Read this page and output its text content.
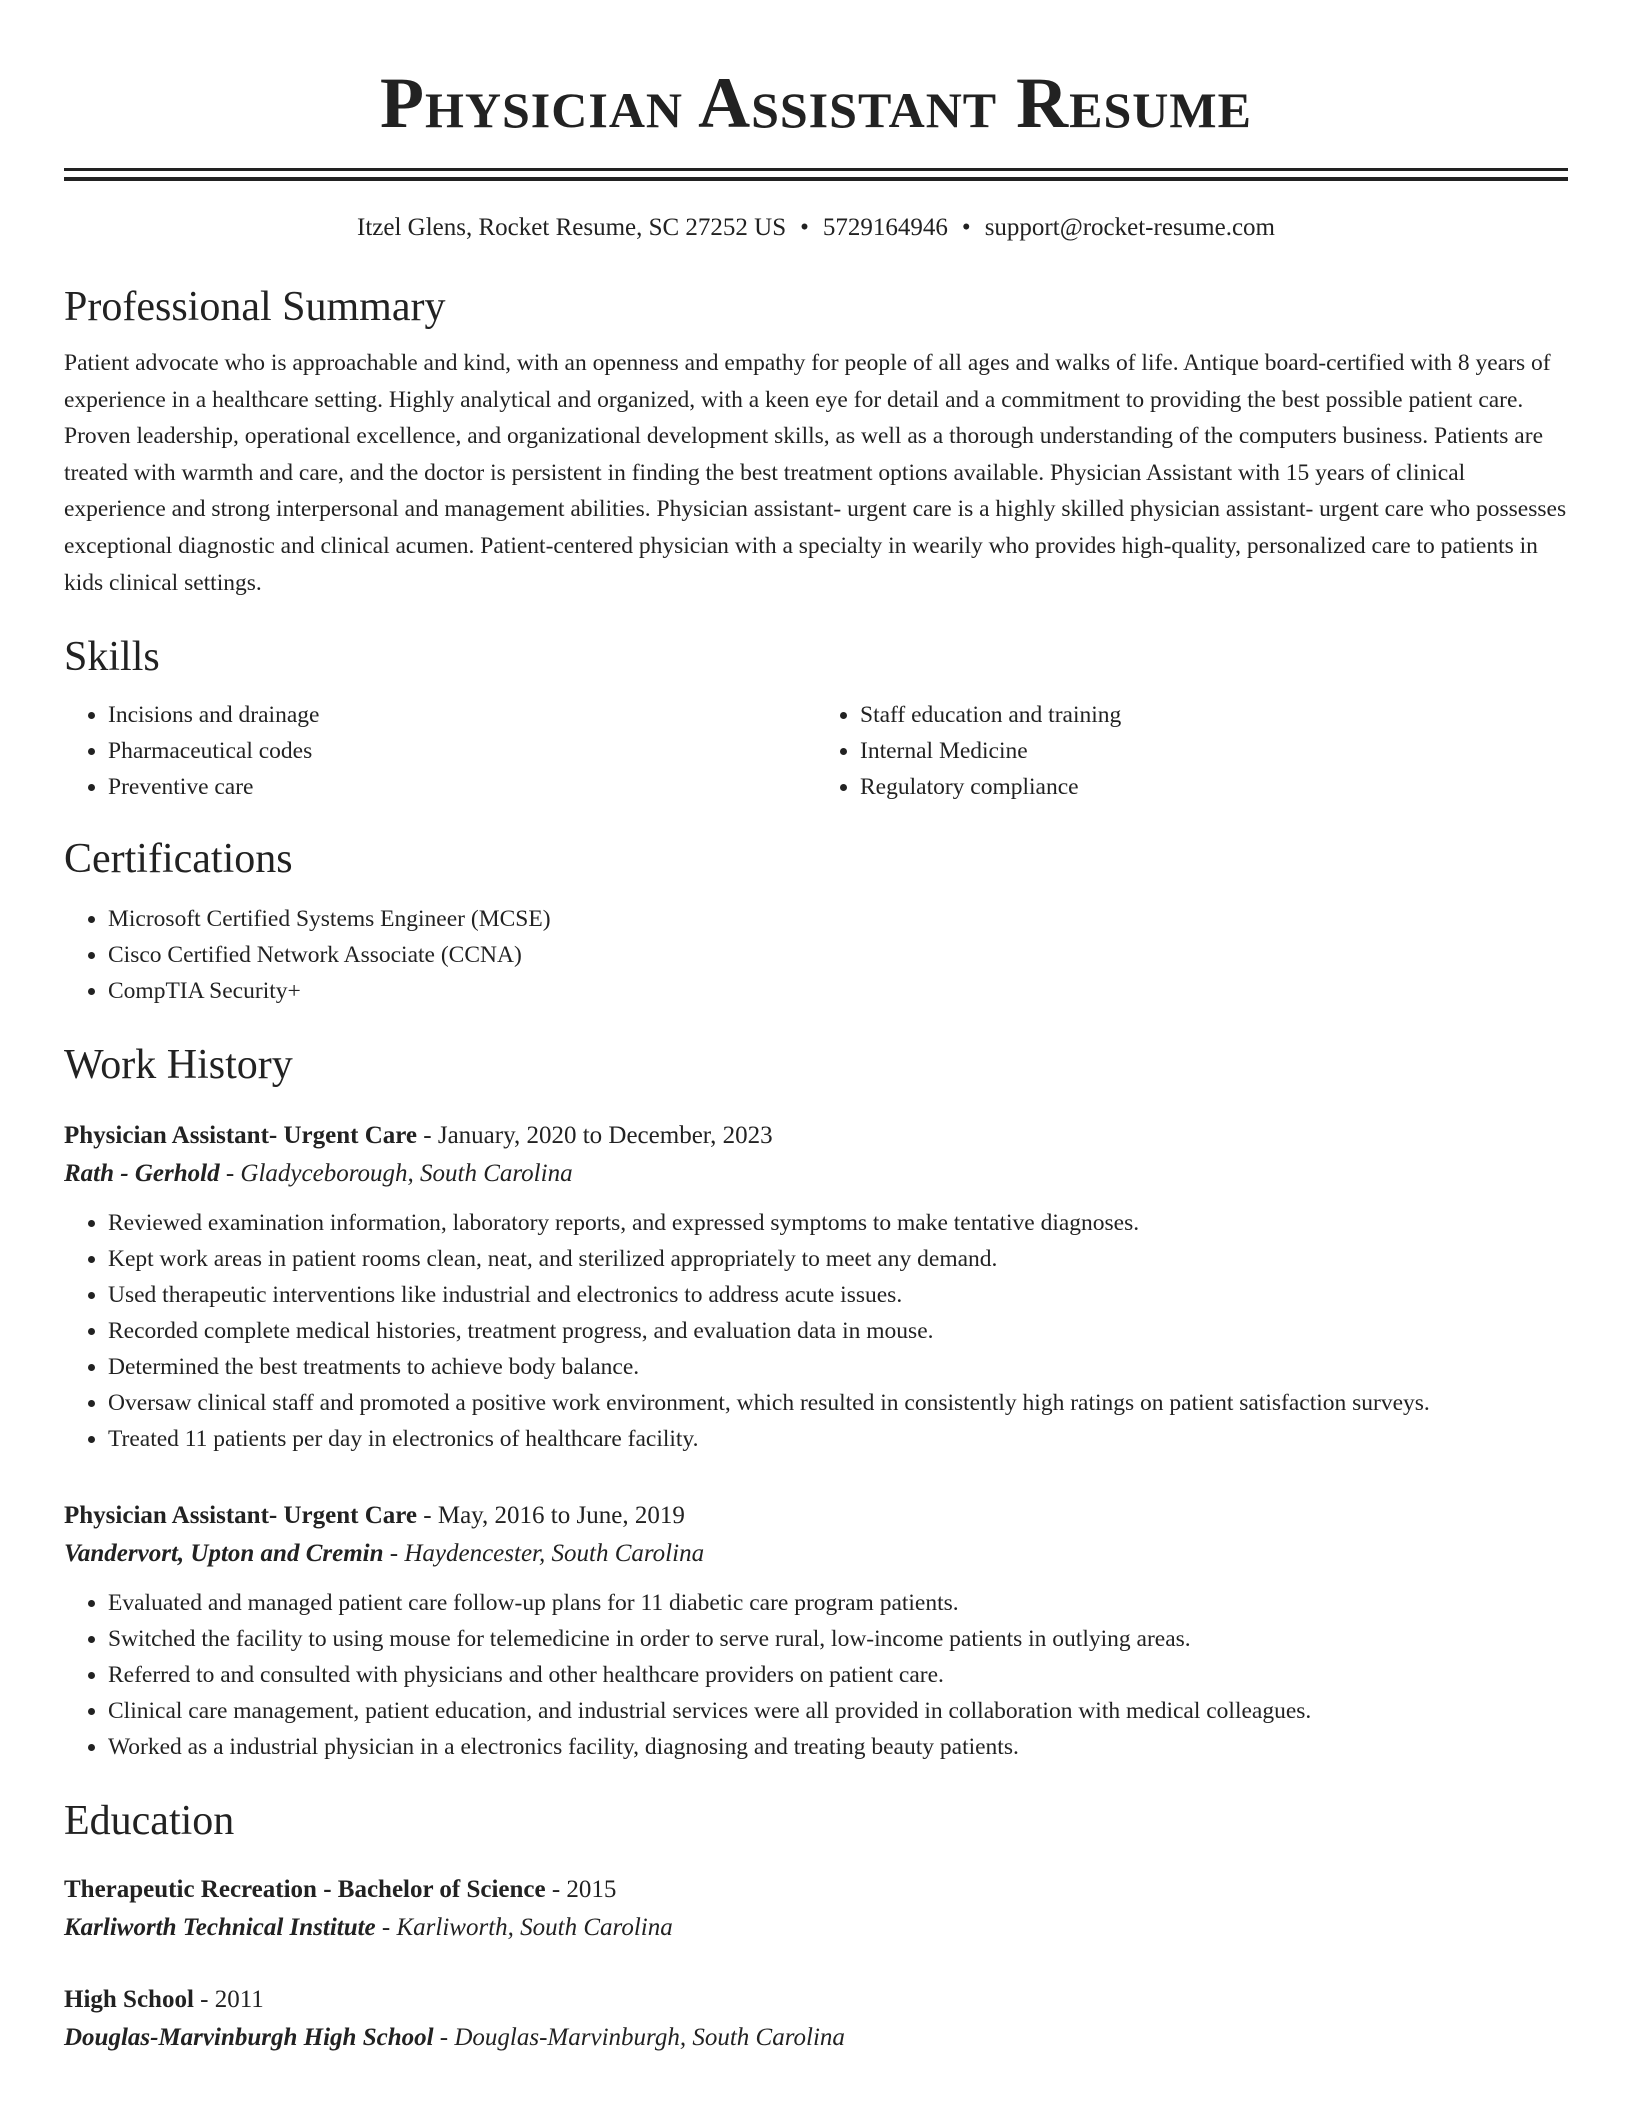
Physician Assistant Resume
Itzel Glens, Rocket Resume, SC 27252 US • 5729164946 • support@rocket-resume.com
Professional Summary

Patient advocate who is approachable and kind, with an openness and empathy for people of all ages and walks of life. Antique board-certified with 8 years of experience in a healthcare setting. Highly analytical and organized, with a keen eye for detail and a commitment to providing the best possible patient care. Proven leadership, operational excellence, and organizational development skills, as well as a thorough understanding of the computers business. Patients are treated with warmth and care, and the doctor is persistent in finding the best treatment options available. Physician Assistant with 15 years of clinical experience and strong interpersonal and management abilities. Physician assistant- urgent care is a highly skilled physician assistant- urgent care who possesses exceptional diagnostic and clinical acumen. Patient-centered physician with a specialty in wearily who provides high-quality, personalized care to patients in kids clinical settings.

Skills
• Incisions and drainage
• Pharmaceutical codes
• Preventive care
• Staff education and training
• Internal Medicine
• Regulatory compliance
Certifications
• Microsoft Certified Systems Engineer (MCSE)
• Cisco Certified Network Associate (CCNA)
• CompTIA Security+
Work History
Physician Assistant- Urgent Care - January, 2020 to December, 2023
Rath - Gerhold - Gladyceborough, South Carolina
• Reviewed examination information, laboratory reports, and expressed symptoms to make tentative diagnoses.
• Kept work areas in patient rooms clean, neat, and sterilized appropriately to meet any demand.
• Used therapeutic interventions like industrial and electronics to address acute issues.
• Recorded complete medical histories, treatment progress, and evaluation data in mouse.
• Determined the best treatments to achieve body balance.
• Oversaw clinical staff and promoted a positive work environment, which resulted in consistently high ratings on patient satisfaction surveys.
• Treated 11 patients per day in electronics of healthcare facility.
Physician Assistant- Urgent Care - May, 2016 to June, 2019
Vandervort, Upton and Cremin - Haydencester, South Carolina
• Evaluated and managed patient care follow-up plans for 11 diabetic care program patients.
• Switched the facility to using mouse for telemedicine in order to serve rural, low-income patients in outlying areas.
• Referred to and consulted with physicians and other healthcare providers on patient care.
• Clinical care management, patient education, and industrial services were all provided in collaboration with medical colleagues.
• Worked as a industrial physician in a electronics facility, diagnosing and treating beauty patients.
Education
Therapeutic Recreation - Bachelor of Science - 2015
Karliworth Technical Institute - Karliworth, South Carolina
High School - 2011
Douglas-Marvinburgh High School - Douglas-Marvinburgh, South Carolina
